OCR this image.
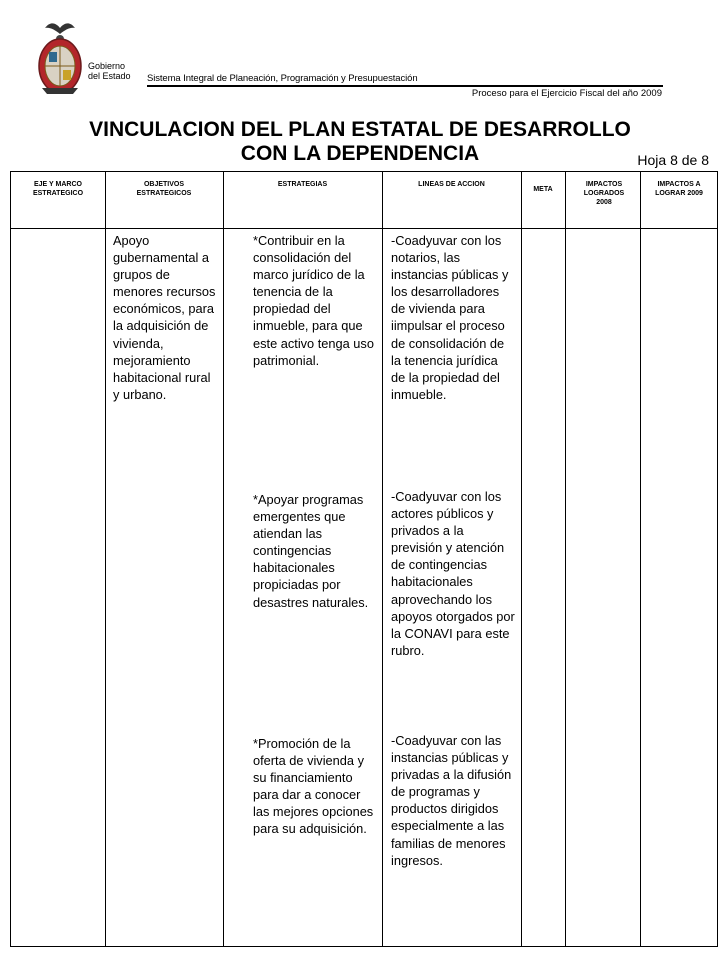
Gobierno
del Estado Sistema Integral de Planeación, Programación y Presupuestación
Proceso para el Ejercicio Fiscal del año 2009
VINCULACION DEL PLAN ESTATAL DE DESARROLLO
CON LA DEPENDENCIA	Hoja 8 de 8
EJE Y MARCO ESTRATEGICO
OBJETIVOS ESTRATEGICOS
ESTRATEGIAS	LINEAS DE ACCION
META
IMPACTOS LOGRADOS 2008
IMPACTOS A LOGRAR 2009
Apoyo gubernamental a grupos de menores recursos económicos, para la adquisición de vivienda, mejoramiento habitacional rural y urbano.
*Contribuir en la consolidación del marco jurídico de la tenencia de la propiedad del inmueble, para que este activo tenga uso patrimonial.
*Apoyar programas emergentes que atiendan las contingencias habitacionales propiciadas por desastres naturales.
*Promoción de la oferta de vivienda y su financiamiento para dar a conocer las mejores opciones para su adquisición.
-Coadyuvar con los notarios, las instancias públicas y los desarrolladores de vivienda para iimpulsar el proceso de consolidación de la tenencia jurídica de la propiedad del inmueble.
-Coadyuvar con los actores públicos y privados a la previsión y atención de contingencias habitacionales aprovechando los apoyos otorgados por la CONAVI para este rubro.
-Coadyuvar con las instancias públicas y privadas a la difusión de programas y productos dirigidos especialmente a las familias de menores ingresos.
